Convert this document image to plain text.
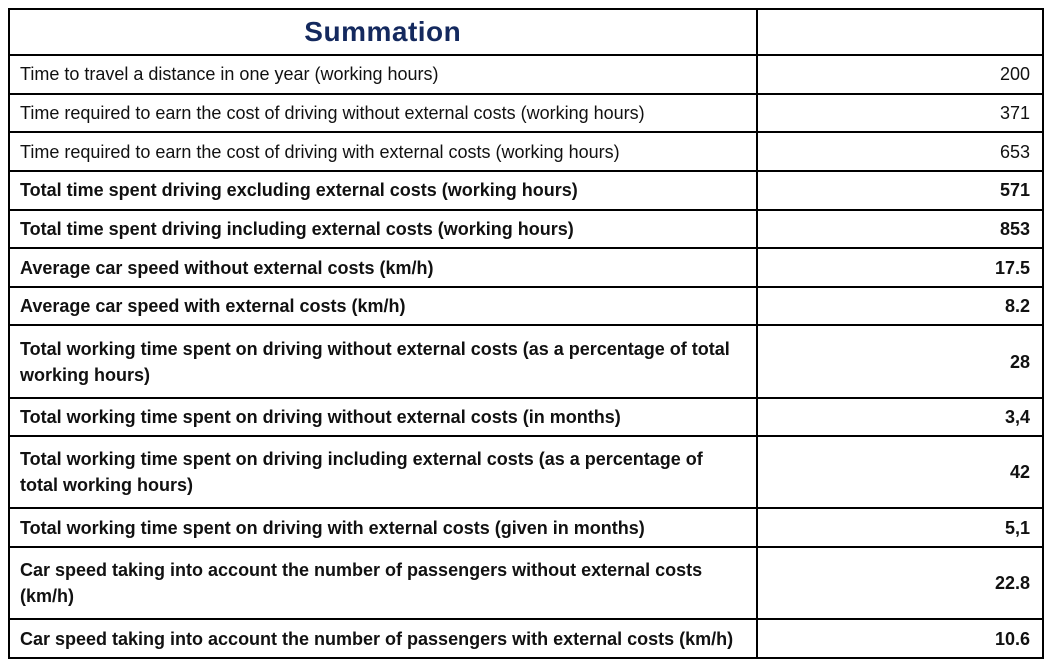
Summation	
Time to travel a distance in one year (working hours)	200
Time required to earn the cost of driving without external costs (working hours)	371
Time required to earn the cost of driving with external costs (working hours)	653
Total time spent driving excluding external costs (working hours)	571
Total time spent driving including external costs (working hours)	853
Average car speed without external costs (km/h)	17.5
Average car speed with external costs (km/h)	8.2
Total working time spent on driving without external costs (as a percentage of total working hours)	28
Total working time spent on driving without external costs (in months)	3,4
Total working time spent on driving including external costs (as a percentage of total working hours)	42
Total working time spent on driving with external costs (given in months)	5,1
Car speed taking into account the number of passengers without external costs (km/h)	22.8
Car speed taking into account the number of passengers with external costs (km/h)	10.6
